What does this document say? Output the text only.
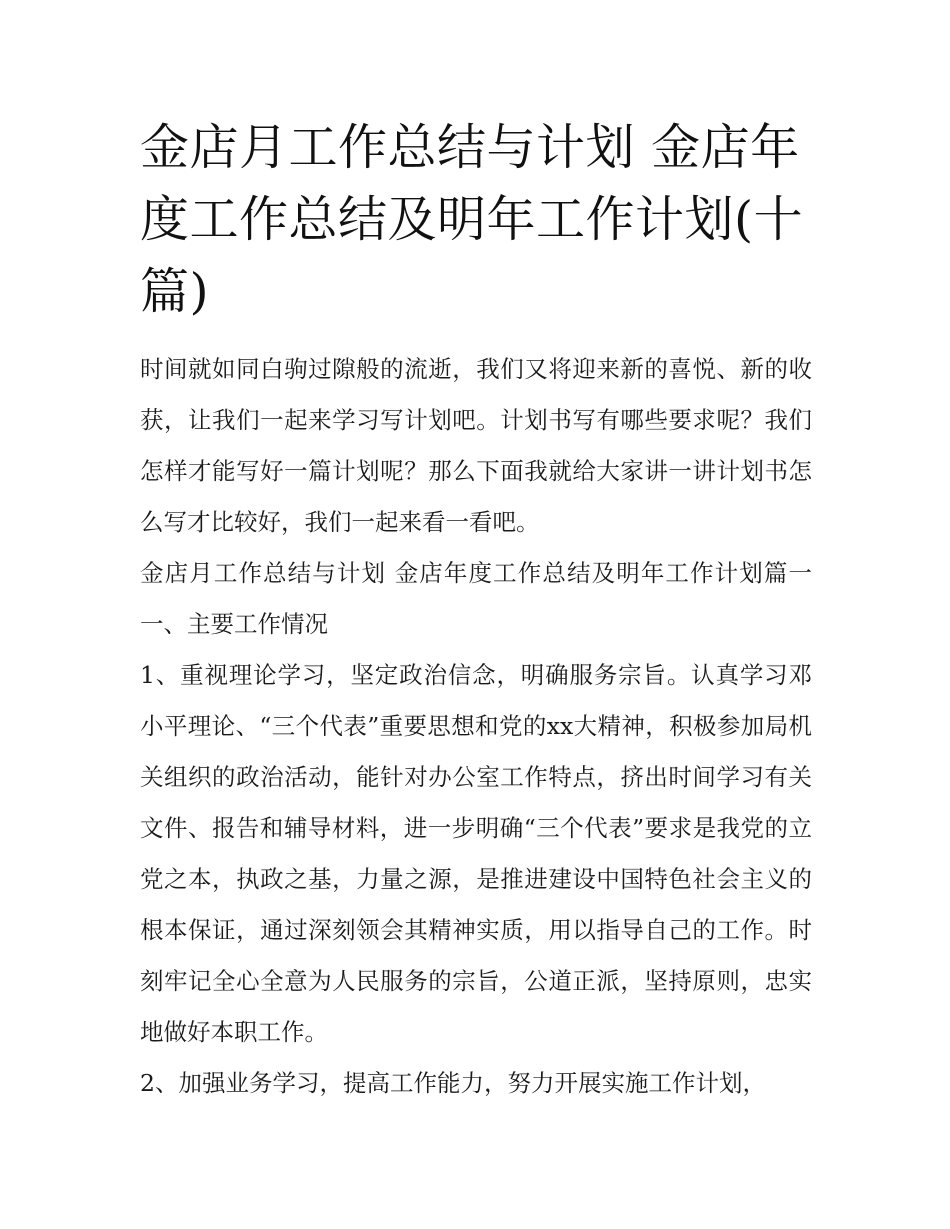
金店月工作总结与计划 金店年度工作总结及明年工作计划(十篇)

时间就如同白驹过隙般的流逝，我们又将迎来新的喜悦、新的收获，让我们一起来学习写计划吧。计划书写有哪些要求呢？我们怎样才能写好一篇计划呢？那么下面我就给大家讲一讲计划书怎么写才比较好，我们一起来看一看吧。

金店月工作总结与计划 金店年度工作总结及明年工作计划篇一 一、主要工作情况

1、重视理论学习，坚定政治信念，明确服务宗旨。认真学习邓小平理论、“三个代表”重要思想和党的xx大精神，积极参加局机关组织的政治活动，能针对办公室工作特点，挤出时间学习有关文件、报告和辅导材料，进一步明确“三个代表”要求是我党的立党之本，执政之基，力量之源，是推进建设中国特色社会主义的根本保证，通过深刻领会其精神实质，用以指导自己的工作。时刻牢记全心全意为人民服务的宗旨，公道正派，坚持原则，忠实地做好本职工作。

2、加强业务学习，提高工作能力，努力开展实施工作计划，
